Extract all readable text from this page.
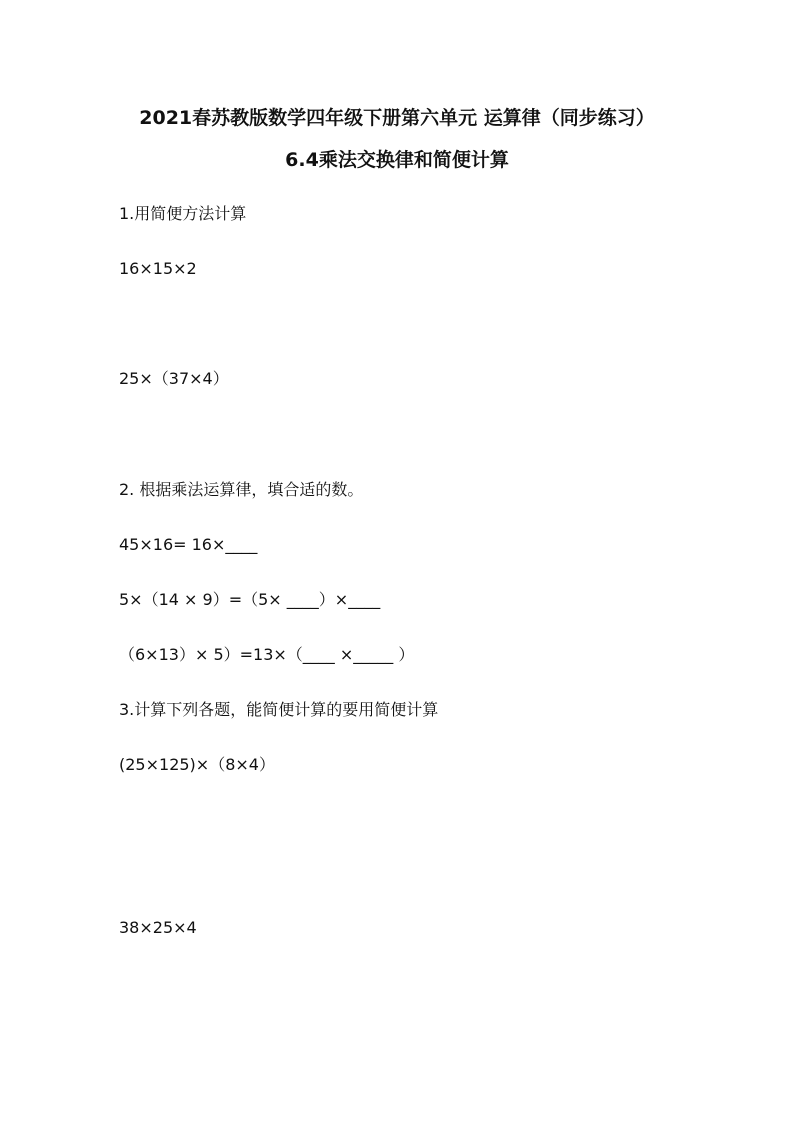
2021春苏教版数学四年级下册第六单元 运算律（同步练习）
6.4乘法交换律和简便计算
1.用简便方法计算
16×15×2
25×（37×4）
2. 根据乘法运算律，填合适的数。
45×16= 16×____
5×（14 × 9）=（5× ____）×____
（6×13）× 5）=13×（____ ×_____ ）
3.计算下列各题，能简便计算的要用简便计算
(25×125)×（8×4）
38×25×4
